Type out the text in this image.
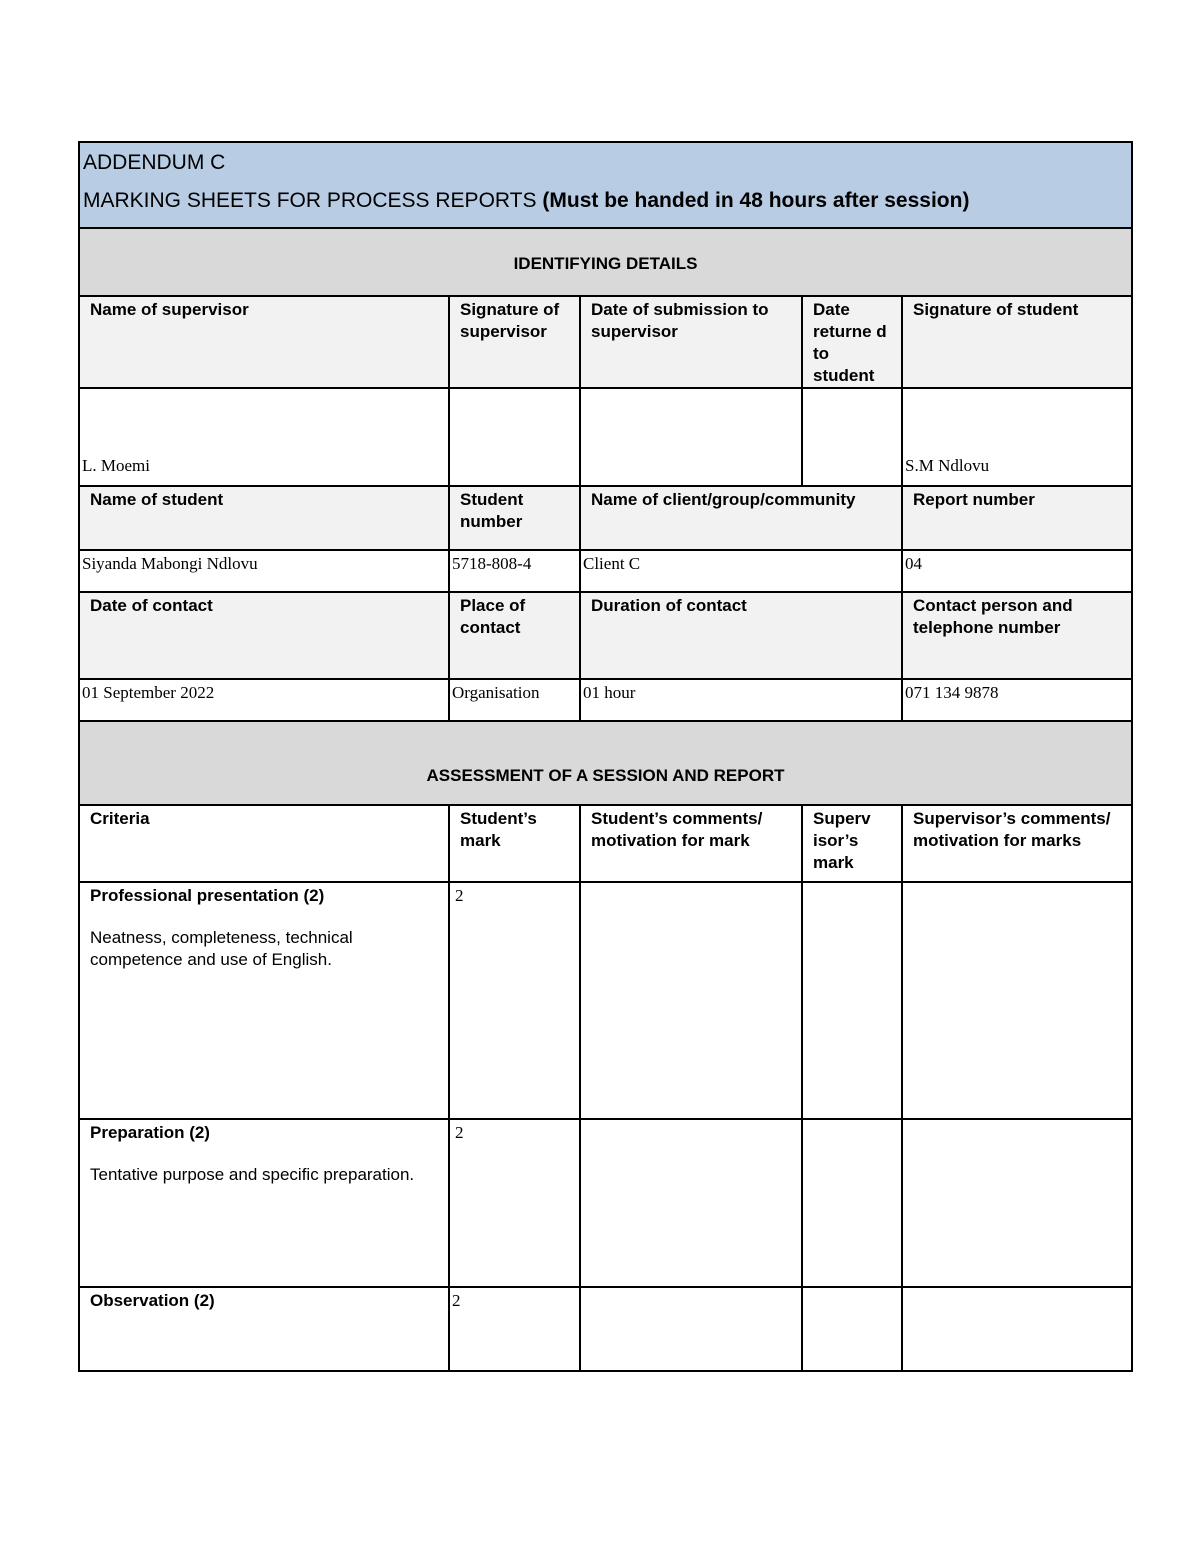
ADDENDUM C
MARKING SHEETS FOR PROCESS REPORTS (Must be handed in 48 hours after session)				

IDENTIFYING DETAILS				
Name of supervisor	Signature of supervisor	Date of submission to supervisor	Date returne d to student	Signature of student
L. Moemi				S.M Ndlovu
Name of student	Student number	Name of client/group/community		Report number
Siyanda Mabongi Ndlovu	5718-808-4	Client C		04
Date of contact	Place of contact	Duration of contact		Contact person and telephone number
01 September 2022	Organisation	01 hour		071 134 9878
ASSESSMENT OF A SESSION AND REPORT				
Criteria	Student’s mark	Student’s comments/ motivation for mark	Superv isor’s mark	Supervisor’s comments/ motivation for marks

Professional presentation (2)
Neatness, completeness, technical competence and use of English.	2			

Preparation (2)
Tentative purpose and specific preparation.	2			

Observation (2)	2			
